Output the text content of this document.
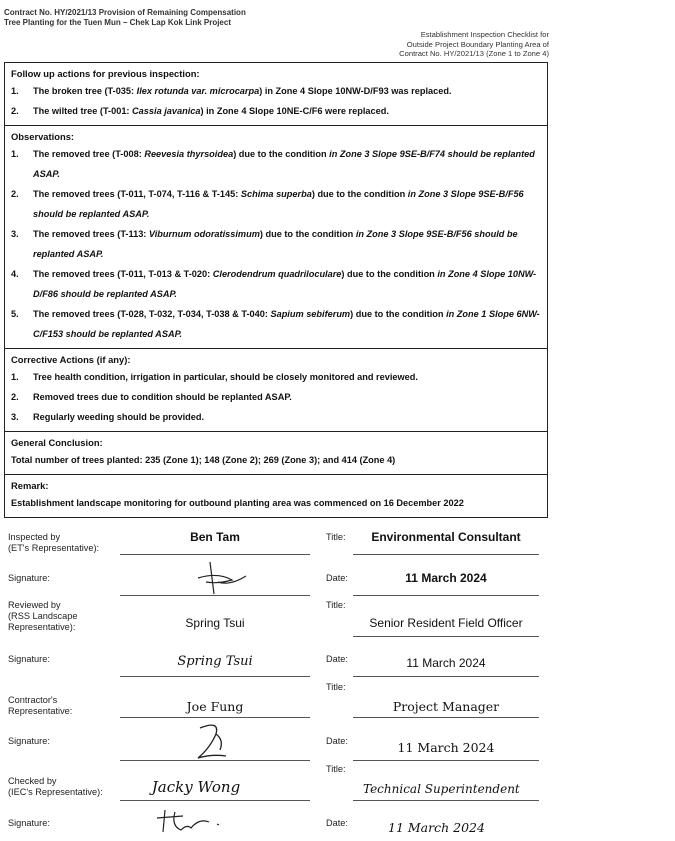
Contract No. HY/2021/13 Provision of Remaining Compensation
Tree Planting for the Tuen Mun – Chek Lap Kok Link Project
Establishment Inspection Checklist for
Outside Project Boundary Planting Area of
Contract No. HY/2021/13 (Zone 1 to Zone 4)
Follow up actions for previous inspection:
1. The broken tree (T-035: Ilex rotunda var. microcarpa) in Zone 4 Slope 10NW-D/F93 was replaced.
2. The wilted tree (T-001: Cassia javanica) in Zone 4 Slope 10NE-C/F6 were replaced.
Observations:
1. The removed tree (T-008: Reevesia thyrsoidea) due to the condition in Zone 3 Slope 9SE-B/F74 should be replanted ASAP.
2. The removed trees (T-011, T-074, T-116 & T-145: Schima superba) due to the condition in Zone 3 Slope 9SE-B/F56 should be replanted ASAP.
3. The removed trees (T-113: Viburnum odoratissimum) due to the condition in Zone 3 Slope 9SE-B/F56 should be replanted ASAP.
4. The removed trees (T-011, T-013 & T-020: Clerodendrum quadriloculare) due to the condition in Zone 4 Slope 10NW-D/F86 should be replanted ASAP.
5. The removed trees (T-028, T-032, T-034, T-038 & T-040: Sapium sebiferum) due to the condition in Zone 1 Slope 6NW-C/F153 should be replanted ASAP.
Corrective Actions (if any):
1. Tree health condition, irrigation in particular, should be closely monitored and reviewed.
2. Removed trees due to condition should be replanted ASAP.
3. Regularly weeding should be provided.
General Conclusion:
Total number of trees planted: 235 (Zone 1); 148 (Zone 2); 269 (Zone 3); and 414 (Zone 4)
Remark:
Establishment landscape monitoring for outbound planting area was commenced on 16 December 2022
Inspected by
(ET's Representative):
Ben Tam	Title:	Environmental Consultant
Signature:	Date:	11 March 2024
Reviewed by
(RSS Landscape
Representative):
Title:
Spring Tsui	Senior Resident Field Officer
Signature:	Spring Tsui	Date:	11 March 2024
Title:
Contractor's
Representative:	Joe Fung	Project Manager
Signature:	Date:	11 March 2024
Title:
Checked by
(IEC's Representative):	Jacky Wong	Technical Superintendent
Signature:	Date:	11 March 2024
